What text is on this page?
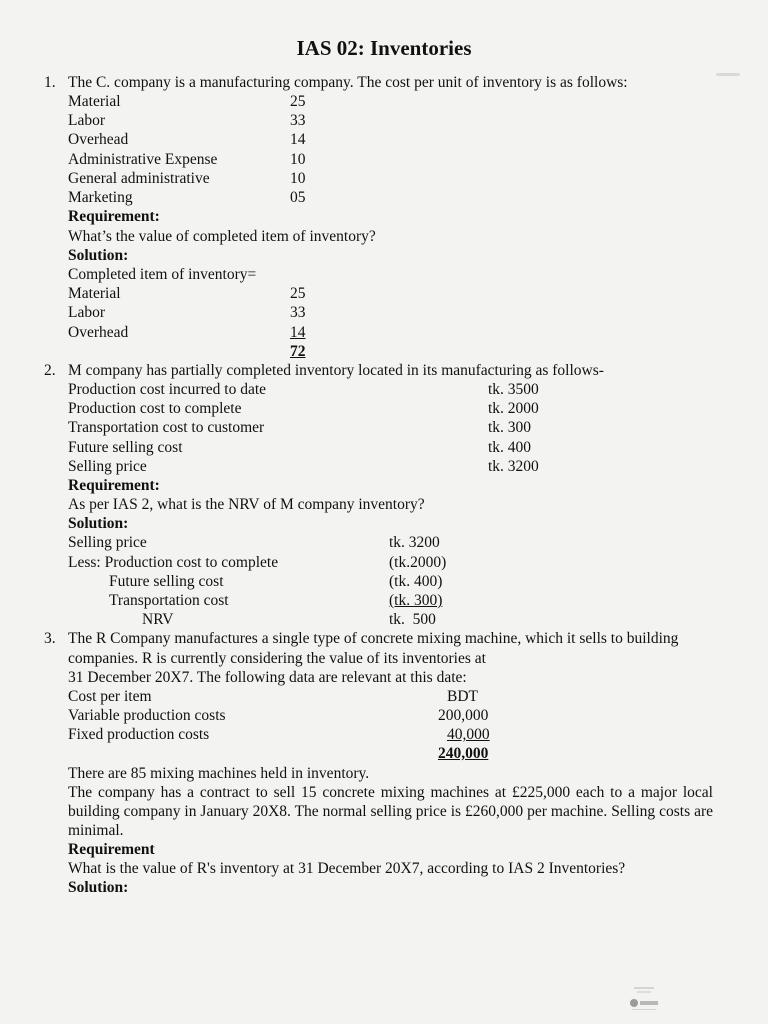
IAS 02: Inventories
1. The C. company is a manufacturing company. The cost per unit of inventory is as follows:
Material	25
Labor	33
Overhead	14
Administrative Expense	10
General administrative	10
Marketing	05
Requirement:
What’s the value of completed item of inventory?
Solution:
Completed item of inventory=
Material	25
Labor	33
Overhead	14
72
2. M company has partially completed inventory located in its manufacturing as follows-
Production cost incurred to date	tk. 3500
Production cost to complete	tk. 2000
Transportation cost to customer	tk. 300
Future selling cost	tk. 400
Selling price	tk. 3200
Requirement:
As per IAS 2, what is the NRV of M company inventory?
Solution:
Selling price	tk. 3200
Less: Production cost to complete	(tk.2000)
Future selling cost	(tk. 400)
Transportation cost	(tk. 300)
NRV	tk.  500
3. The R Company manufactures a single type of concrete mixing machine, which it sells to building
companies. R is currently considering the value of its inventories at
31 December 20X7. The following data are relevant at this date:
Cost per item	BDT
Variable production costs	200,000
Fixed production costs	40,000
240,000
There are 85 mixing machines held in inventory.
The company has a contract to sell 15 concrete mixing machines at £225,000 each to a major local building company in January 20X8. The normal selling price is £260,000 per machine. Selling costs are minimal.
Requirement
What is the value of R's inventory at 31 December 20X7, according to IAS 2 Inventories?
Solution:
